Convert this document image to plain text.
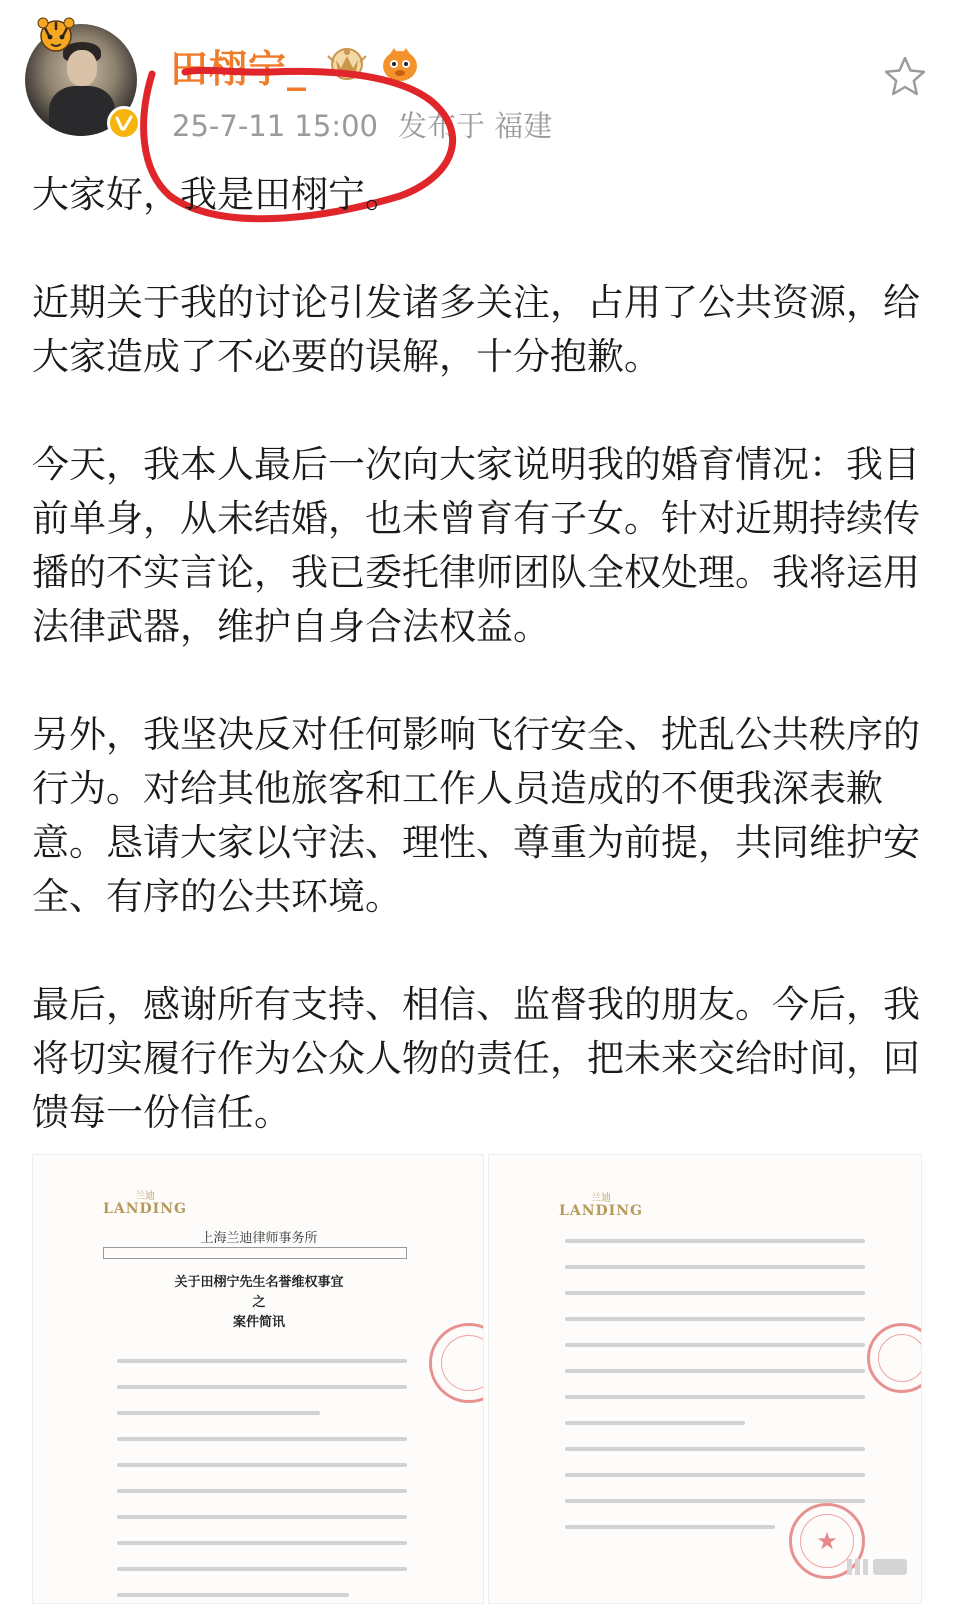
田栩宁_
25-7-11 15:00 发布于 福建

大家好，我是田栩宁。

近期关于我的讨论引发诸多关注，占用了公共资源，给大家造成了不必要的误解，十分抱歉。

今天，我本人最后一次向大家说明我的婚育情况：我目前单身，从未结婚，也未曾育有子女。针对近期持续传播的不实言论，我已委托律师团队全权处理。我将运用法律武器，维护自身合法权益。

另外，我坚决反对任何影响飞行安全、扰乱公共秩序的行为。对给其他旅客和工作人员造成的不便我深表歉意。恳请大家以守法、理性、尊重为前提，共同维护安全、有序的公共环境。

最后，感谢所有支持、相信、监督我的朋友。今后，我将切实履行作为公众人物的责任，把未来交给时间，回馈每一份信任。

兰迪
LANDING
上海兰迪律师事务所
关于田栩宁先生名誉维权事宜
之
案件简讯
兰迪
LANDING
★
